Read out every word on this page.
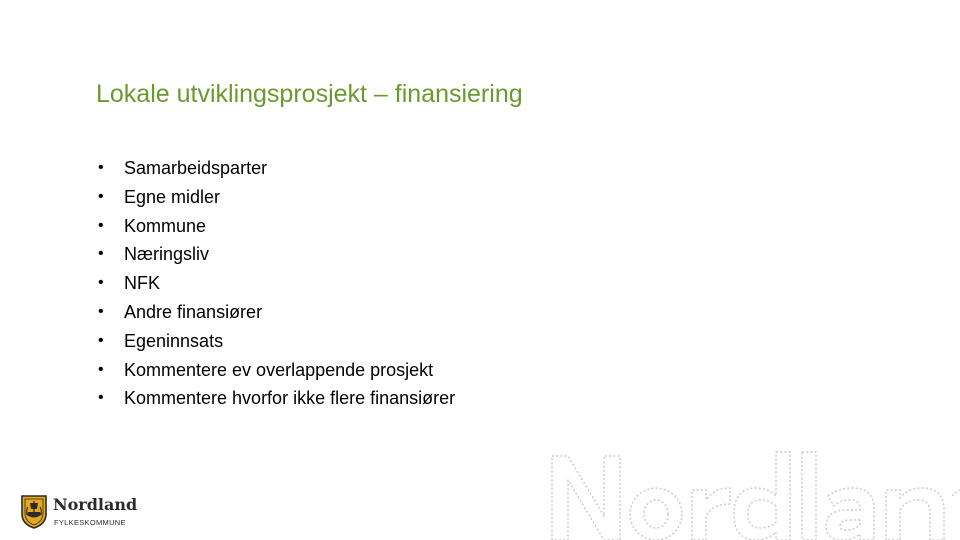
Lokale utviklingsprosjekt – finansiering
• Samarbeidsparter
• Egne midler
• Kommune
• Næringsliv
• NFK
• Andre finansiører
• Egeninnsats
• Kommentere ev overlappende prosjekt
• Kommentere hvorfor ikke flere finansiører
Nordland
FYLKESKOMMUNE
